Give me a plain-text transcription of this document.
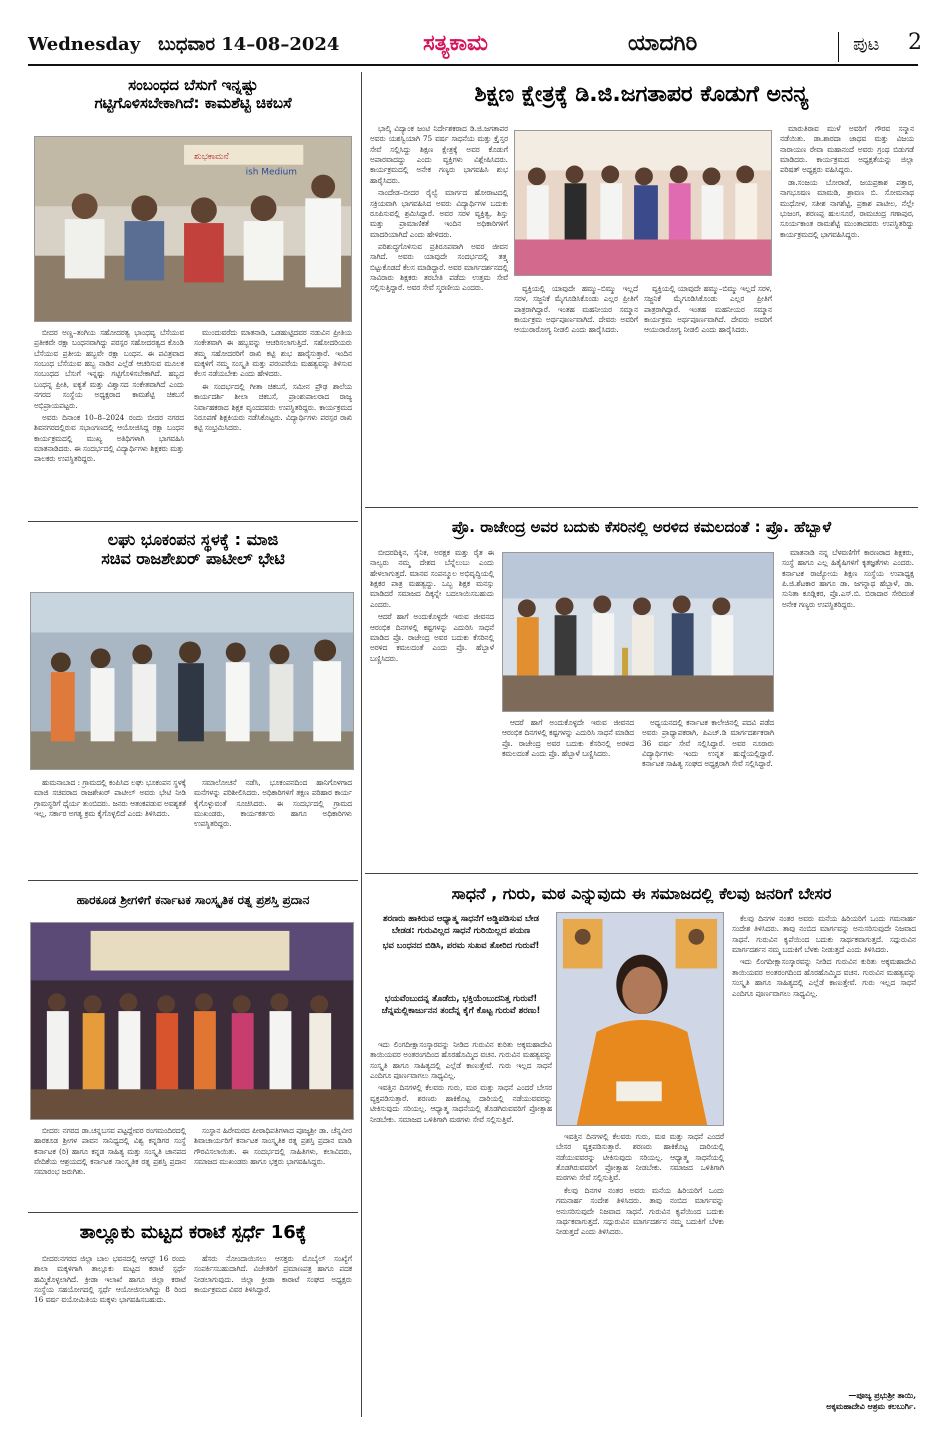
Wednesday ಬುಧವಾರ 14–08–2024	ಸತ್ಯಕಾಮ	ಯಾದಗಿರಿ	ಪುಟ 2
ಸಂಬಂಧದ ಬೆಸುಗೆ ಇನ್ನಷ್ಟು
ಗಟ್ಟಿಗೊಳಿಸಬೇಕಾಗಿದೆ: ಕಾಮಶೆಟ್ಟಿ ಚಿಕಬಸೆ
ಶುಭಕಾಮನೆ
ish Medium

ಬೀದರ ಅಣ್ಣ–ತಂಗಿಯ ಸಹೋದರತ್ವ ಭಾಂಧವ್ಯ ಬೆಸೆಯುವ ಪ್ರತೀಕವೇ ರಕ್ಷಾ ಬಂಧನವಾಗಿದ್ದು ಪರಸ್ಪರ ಸಹೋದರತ್ವದ ಕೊಂಡಿ ಬೆಸೆಯುವ ಪ್ರತೀಯ ಹಬ್ಬವೇ ರಕ್ಷಾ ಬಂಧನ. ಈ ಪವಿತ್ರವಾದ ಸಂಬಂಧ ಬೆಸೆಯುವ ಹಬ್ಬ ನಾಡಿನ ಎಲ್ಲೆಡೆ ಆಚರಿಸುವ ಮೂಲಕ ಸಂಬಂಧದ ಬೆಸುಗೆ ಇನ್ನಷ್ಟು ಗಟ್ಟಿಗೊಳಿಸಬೇಕಾಗಿದೆ. ಹಬ್ಬದ ಬಂಧನ್ನ ಪ್ರೀತಿ, ಐಕ್ಯತೆ ಮತ್ತು ವಿಶ್ವಾಸದ ಸಂಕೇತವಾಗಿದೆ ಎಂದು ನಗರದ ಸಂಸ್ಥೆಯ ಅಧ್ಯಕ್ಷರಾದ ಕಾಮಶೆಟ್ಟಿ ಚಿಕಬಸೆ ಅಭಿಪ್ರಾಯಪಟ್ಟರು.

ಅವರು ದಿನಾಂಕ 10–8–2024 ರಂದು ಬೀದರ ನಗರದ ಶಿವನಗರದಲ್ಲಿರುವ ಸಭಾಂಗಣದಲ್ಲಿ ಆಯೋಜಿಸಿದ್ದ ರಕ್ಷಾ ಬಂಧನ ಕಾರ್ಯಕ್ರಮದಲ್ಲಿ ಮುಖ್ಯ ಅತಿಥಿಗಳಾಗಿ ಭಾಗವಹಿಸಿ ಮಾತನಾಡಿದರು. ಈ ಸಂದರ್ಭದಲ್ಲಿ ವಿದ್ಯಾರ್ಥಿಗಳು ಶಿಕ್ಷಕರು ಮತ್ತು ಪಾಲಕರು ಉಪಸ್ಥಿತರಿದ್ದರು.

ಮುಂದುವರೆದು ಮಾತನಾಡಿ, ಒಡಹುಟ್ಟಿದವರ ನಡುವಿನ ಪ್ರೀತಿಯ ಸಂಕೇತವಾಗಿ ಈ ಹಬ್ಬವನ್ನು ಆಚರಿಸಲಾಗುತ್ತಿದೆ. ಸಹೋದರಿಯರು ತಮ್ಮ ಸಹೋದರರಿಗೆ ರಾಖಿ ಕಟ್ಟಿ ಶುಭ ಹಾರೈಸುತ್ತಾರೆ. ಇಂದಿನ ಮಕ್ಕಳಿಗೆ ನಮ್ಮ ಸಂಸ್ಕೃತಿ ಮತ್ತು ಪರಂಪರೆಯ ಮಹತ್ವವನ್ನು ತಿಳಿಸುವ ಕೆಲಸ ನಡೆಯಬೇಕು ಎಂದು ಹೇಳಿದರು.

ಈ ಸಂದರ್ಭದಲ್ಲಿ ಗೀತಾ ಚಿಕಬಸೆ, ಸಮೀನ ಪ್ರೌಢ ಶಾಲೆಯ ಕಾರ್ಯದರ್ಶಿ ಶೀಲಾ ಚಿಕಬಸೆ, ಪ್ರಾಂಶುಪಾಲರಾದ ರಾಜ್ಯ ನಿರ್ವಾಹಕರಾದ ಶಿಕ್ಷಕ ವೃಂದದವರು ಉಪಸ್ಥಿತರಿದ್ದರು. ಕಾರ್ಯಕ್ರಮದ ನಿರೂಪಣೆ ಶಿಕ್ಷಕಿಯರು ನಡೆಸಿಕೊಟ್ಟರು. ವಿದ್ಯಾರ್ಥಿಗಳು ಪರಸ್ಪರ ರಾಖಿ ಕಟ್ಟಿ ಸಂಭ್ರಮಿಸಿದರು.

ಶಿಕ್ಷಣ ಕ್ಷೇತ್ರಕ್ಕೆ ಡಿ.ಜಿ.ಜಗತಾಪರ ಕೊಡುಗೆ ಅನನ್ಯ

ಭಾಲ್ಕಿ ವಿದ್ಯಾಂಕ ಜಂಟಿ ನಿರ್ದೇಶಕರಾದ ಡಿ.ಜಿ.ಜಗತಾಪರ ಅವರು ಯಶಸ್ವಿಯಾಗಿ 75 ವರ್ಷ ಸಾಧನೆಯ ಮತ್ತು ಕ್ರೈಸ್ತರ ಸೇವೆ ಸಲ್ಲಿಸಿದ್ದು ಶಿಕ್ಷಣ ಕ್ಷೇತ್ರಕ್ಕೆ ಅವರ ಕೊಡುಗೆ ಅಪಾರವಾದದ್ದು ಎಂದು ವ್ಯಕ್ತಿಗಳು ವಿಶ್ಲೇಷಿಸಿದರು. ಕಾರ್ಯಕ್ರಮದಲ್ಲಿ ಅನೇಕ ಗಣ್ಯರು ಭಾಗವಹಿಸಿ ಶುಭ ಹಾರೈಸಿದರು.

ನಾಂದೇಡ–ಬೀದರ ರೈಲ್ವೆ ಮಾರ್ಗದ ಹೋರಾಟದಲ್ಲಿ ಸಕ್ರಿಯವಾಗಿ ಭಾಗವಹಿಸಿದ ಅವರು ವಿದ್ಯಾರ್ಥಿಗಳ ಬದುಕು ರೂಪಿಸುವಲ್ಲಿ ಶ್ರಮಿಸಿದ್ದಾರೆ. ಅವರ ಸರಳ ವ್ಯಕ್ತಿತ್ವ, ಶಿಸ್ತು ಮತ್ತು ಪ್ರಾಮಾಣಿಕತೆ ಇಂದಿನ ಅಧಿಕಾರಿಗಳಿಗೆ ಮಾದರಿಯಾಗಿದೆ ಎಂದು ಹೇಳಿದರು.

ಪರಿಶುದ್ಧಗೊಳಿಸುವ ಪ್ರತಿರೂಪವಾಗಿ ಅವರ ಜೀವನ ಸಾಗಿದೆ. ಅವರು ಯಾವುದೇ ಸಂದರ್ಭದಲ್ಲಿ ತತ್ತ್ವ ಬಿಟ್ಟುಕೊಡದೆ ಕೆಲಸ ಮಾಡಿದ್ದಾರೆ. ಅವರ ಮಾರ್ಗದರ್ಶನದಲ್ಲಿ ಸಾವಿರಾರು ಶಿಕ್ಷಕರು ತರಬೇತಿ ಪಡೆದು ಉತ್ತಮ ಸೇವೆ ಸಲ್ಲಿಸುತ್ತಿದ್ದಾರೆ. ಅವರ ಸೇವೆ ಸ್ಮರಣೀಯ ಎಂದರು.	ವ್ಯಕ್ತಿಯಲ್ಲಿ ಯಾವುದೇ ಹಮ್ಮು–ಬಿಮ್ಮು ಇಲ್ಲದೆ ಸರಳ, ಸಜ್ಜನಿಕೆ ಮೈಗೂಡಿಸಿಕೊಂಡು ಎಲ್ಲರ ಪ್ರೀತಿಗೆ ಪಾತ್ರರಾಗಿದ್ದಾರೆ. ಇಂತಹ ಮಹನೀಯರ ಸಮ್ಮಾನ ಕಾರ್ಯಕ್ರಮ ಅರ್ಥಪೂರ್ಣವಾಗಿದೆ. ದೇವರು ಅವರಿಗೆ ಆಯುರಾರೋಗ್ಯ ನೀಡಲಿ ಎಂದು ಹಾರೈಸಿದರು.

ವ್ಯಕ್ತಿಯಲ್ಲಿ ಯಾವುದೇ ಹಮ್ಮು–ಬಿಮ್ಮು ಇಲ್ಲದೆ ಸರಳ, ಸಜ್ಜನಿಕೆ ಮೈಗೂಡಿಸಿಕೊಂಡು ಎಲ್ಲರ ಪ್ರೀತಿಗೆ ಪಾತ್ರರಾಗಿದ್ದಾರೆ. ಇಂತಹ ಮಹನೀಯರ ಸಮ್ಮಾನ ಕಾರ್ಯಕ್ರಮ ಅರ್ಥಪೂರ್ಣವಾಗಿದೆ. ದೇವರು ಅವರಿಗೆ ಆಯುರಾರೋಗ್ಯ ನೀಡಲಿ ಎಂದು ಹಾರೈಸಿದರು.

ಮಾರುತಿರಾವ ಮುಳೆ ಅವರಿಗೆ ಗೌರವ ಸನ್ಮಾನ ನಡೆಯಿತು. ಡಾ.ಶಾರದಾ ಜಾಧವ ಮತ್ತು ವಿಜಯ ನಾರಾಯಣ ರೇವಾ ಮಹಾನಂದೆ ಅವರು ಗ್ರಂಥ ಬಿಡುಗಡೆ ಮಾಡಿದರು. ಕಾರ್ಯಕ್ರಮದ ಅಧ್ಯಕ್ಷತೆಯನ್ನು ಜಿಲ್ಲಾ ಪರಿಷತ್ ಅಧ್ಯಕ್ಷರು ವಹಿಸಿದ್ದರು.

ಡಾ.ಸಂಜಯ ಬೋರಾಡೆ, ಜಯಪ್ರಕಾಶ ಪತ್ತಾರ, ನಾಗಭೂಷಣ ಮಾಮಡಿ, ಶ್ರಾವಣ ಬಿ. ಸೋಮನಾಥ ಮುಧೋಳ, ಸತೀಶ ನಾಗಶೆಟ್ಟಿ, ಪ್ರಕಾಶ ಪಾಟೀಲ, ನೆಲ್ಲೇ ಭುಜಂಗ, ಶರಣಪ್ಪ ಹುಲಸೂರೆ, ರಾಮಚಂದ್ರ ಗಣಾಪುರ, ಸೂರ್ಯಕಾಂತ ರಾಮಶೆಟ್ಟಿ ಮುಂತಾದವರು ಉಪಸ್ಥಿತರಿದ್ದು ಕಾರ್ಯಕ್ರಮದಲ್ಲಿ ಭಾಗವಹಿಸಿದ್ದರು.

ಲಘು ಭೂಕಂಪನ ಸ್ಥಳಕ್ಕೆ : ಮಾಜಿ
ಸಚಿವ ರಾಜಶೇಖರ್ ಪಾಟೀಲ್ ಭೇಟಿ

ಹುಮನಾಬಾದ : ಗ್ರಾಮದಲ್ಲಿ ಕಂಪಿಸಿದ ಲಘು ಭೂಕಂಪನ ಸ್ಥಳಕ್ಕೆ ಮಾಜಿ ಸಚಿವರಾದ ರಾಜಶೇಖರ್ ಪಾಟೀಲ್ ಅವರು ಭೇಟಿ ನೀಡಿ ಗ್ರಾಮಸ್ಥರಿಗೆ ಧೈರ್ಯ ತುಂಬಿದರು. ಜನರು ಆತಂಕಪಡುವ ಅವಶ್ಯಕತೆ ಇಲ್ಲ, ಸರ್ಕಾರ ಅಗತ್ಯ ಕ್ರಮ ಕೈಗೊಳ್ಳಲಿದೆ ಎಂದು ತಿಳಿಸಿದರು.

ಸಮಾಲೋಚನೆ ನಡೆಸಿ, ಭೂಕಂಪನದಿಂದ ಹಾನಿಗೊಳಗಾದ ಮನೆಗಳನ್ನು ಪರಿಶೀಲಿಸಿದರು. ಅಧಿಕಾರಿಗಳಿಗೆ ತಕ್ಷಣ ಪರಿಹಾರ ಕಾರ್ಯ ಕೈಗೊಳ್ಳುವಂತೆ ಸೂಚಿಸಿದರು. ಈ ಸಂದರ್ಭದಲ್ಲಿ ಗ್ರಾಮದ ಮುಖಂಡರು, ಕಾರ್ಯಕರ್ತರು ಹಾಗೂ ಅಧಿಕಾರಿಗಳು ಉಪಸ್ಥಿತರಿದ್ದರು.

ಪ್ರೊ. ರಾಜೇಂದ್ರ ಅವರ ಬದುಕು ಕೆಸರಿನಲ್ಲಿ ಅರಳಿದ ಕಮಲದಂತೆ : ಪ್ರೊ. ಹೆಬ್ಬಾಳೆ

ಬೀದರದಿಕ್ಕಿನ, ಸೈನಿಕ, ಅರಕ್ಷಕ ಮತ್ತು ರೈತ ಈ ನಾಲ್ವರು ನಮ್ಮ ದೇಶದ ಬೆನ್ನೆಲುಬು ಎಂದು ಹೇಳಲಾಗುತ್ತದೆ. ಮಾನವ ಸಂಪನ್ಮೂಲ ಅಭಿವೃದ್ಧಿಯಲ್ಲಿ ಶಿಕ್ಷಕರ ಪಾತ್ರ ಮಹತ್ವದ್ದು. ಒಬ್ಬ ಶಿಕ್ಷಕ ಮನಸ್ಸು ಮಾಡಿದರೆ ಸಮಾಜದ ದಿಕ್ಕನ್ನೇ ಬದಲಾಯಿಸಬಹುದು ಎಂದರು.

ಆದರೆ ಹಾಗೆ ಅಂದುಕೊಳ್ಳದೇ ಇರುವ ಜೀವನದ ಆರಂಭಿಕ ದಿನಗಳಲ್ಲಿ ಕಷ್ಟಗಳನ್ನು ಎದುರಿಸಿ ಸಾಧನೆ ಮಾಡಿದ ಪ್ರೊ. ರಾಜೇಂದ್ರ ಅವರ ಬದುಕು ಕೆಸರಿನಲ್ಲಿ ಅರಳಿದ ಕಮಲದಂತೆ ಎಂದು ಪ್ರೊ. ಹೆಬ್ಬಾಳೆ ಬಣ್ಣಿಸಿದರು.

ಆದರೆ ಹಾಗೆ ಅಂದುಕೊಳ್ಳದೇ ಇರುವ ಜೀವನದ ಆರಂಭಿಕ ದಿನಗಳಲ್ಲಿ ಕಷ್ಟಗಳನ್ನು ಎದುರಿಸಿ ಸಾಧನೆ ಮಾಡಿದ ಪ್ರೊ. ರಾಜೇಂದ್ರ ಅವರ ಬದುಕು ಕೆಸರಿನಲ್ಲಿ ಅರಳಿದ ಕಮಲದಂತೆ ಎಂದು ಪ್ರೊ. ಹೆಬ್ಬಾಳೆ ಬಣ್ಣಿಸಿದರು.

ಅಧ್ಯಯನದಲ್ಲಿ ಕರ್ನಾಟಕ ಕಾಲೇಜಿನಲ್ಲಿ ಪದವಿ ಪಡೆದ ಅವರು ಪ್ರಾಧ್ಯಾಪಕರಾಗಿ, ಪಿಎಚ್.ಡಿ ಮಾರ್ಗದರ್ಶಕರಾಗಿ 36 ವರ್ಷ ಸೇವೆ ಸಲ್ಲಿಸಿದ್ದಾರೆ. ಅವರ ನೂರಾರು ವಿದ್ಯಾರ್ಥಿಗಳು ಇಂದು ಉನ್ನತ ಹುದ್ದೆಯಲ್ಲಿದ್ದಾರೆ. ಕರ್ನಾಟಕ ಸಾಹಿತ್ಯ ಸಂಘದ ಅಧ್ಯಕ್ಷರಾಗಿ ಸೇವೆ ಸಲ್ಲಿಸಿದ್ದಾರೆ.

ಮಾತನಾಡಿ ನನ್ನ ಬೆಳವಣಿಗೆಗೆ ಕಾರಣರಾದ ಶಿಕ್ಷಕರು, ಸಂಸ್ಥೆ ಹಾಗೂ ಎಲ್ಲ ಹಿತೈಷಿಗಳಿಗೆ ಕೃತಜ್ಞತೆಗಳು ಎಂದರು. ಕರ್ನಾಟಕ ರಾಜ್ಯೋಯ ಶಿಕ್ಷಣ ಸಂಸ್ಥೆಯ ಉಪಾಧ್ಯಕ್ಷ ಪಿ.ಜಿ.ಶೆಟಕಾರ ಹಾಗೂ ಡಾ. ಜಗನ್ನಾಥ ಹೆಬ್ಬಾಳೆ, ಡಾ. ಸುನಿತಾ ಕೂಡ್ಲಿಕರ, ಪ್ರೊ.ಎಸ್.ಬಿ. ಬಿರಾದಾರ ಸೇರಿದಂತೆ ಅನೇಕ ಗಣ್ಯರು ಉಪಸ್ಥಿತರಿದ್ದರು.

ಹಾರಕೂಡ ಶ್ರೀಗಳಿಗೆ ಕರ್ನಾಟಕ ಸಾಂಸ್ಕೃತಿಕ ರತ್ನ ಪ್ರಶಸ್ತಿ ಪ್ರದಾನ

ಬೀದರ: ನಗರದ ಡಾ.ಚನ್ನಬಸವ ಪಟ್ಟದ್ದೇವರ ರಂಗಮಂದಿರದಲ್ಲಿ ಹಾರಕೂಡ ಶ್ರೀಗಳ ಪಾವನ ಸಾನಿಧ್ಯದಲ್ಲಿ ವಿಶ್ವ ಕನ್ನಡಿಗರ ಸಂಸ್ಥೆ ಕರ್ನಾಟಕ (ರಿ) ಹಾಗೂ ಕನ್ನಡ ಸಾಹಿತ್ಯ ಮತ್ತು ಸಂಸ್ಕೃತಿ ಜಾನಪದ ವೇದಿಕೆಯ ಆಶ್ರಯದಲ್ಲಿ ಕರ್ನಾಟಕ ಸಾಂಸ್ಕೃತಿಕ ರತ್ನ ಪ್ರಶಸ್ತಿ ಪ್ರದಾನ ಸಮಾರಂಭ ಜರುಗಿತು.

ಸಂಸ್ಥಾನ ಹಿರೇಮಠದ ಪೀಠಾಧಿಪತಿಗಳಾದ ಪೂಜ್ಯಶ್ರೀ ಡಾ. ಚೆನ್ನವೀರ ಶಿವಾಚಾರ್ಯರಿಗೆ ಕರ್ನಾಟಕ ಸಾಂಸ್ಕೃತಿಕ ರತ್ನ ಪ್ರಶಸ್ತಿ ಪ್ರದಾನ ಮಾಡಿ ಗೌರವಿಸಲಾಯಿತು. ಈ ಸಂದರ್ಭದಲ್ಲಿ ಸಾಹಿತಿಗಳು, ಕಲಾವಿದರು, ಸಮಾಜದ ಮುಖಂಡರು ಹಾಗೂ ಭಕ್ತರು ಭಾಗವಹಿಸಿದ್ದರು.

ತಾಲ್ಲೂಕು ಮಟ್ಟದ ಕರಾಟೆ ಸ್ಪರ್ಧೆ 16ಕ್ಕೆ

ಬೀದರ:ನಗರದ ಜಿಲ್ಲಾ ಬಾಲ ಭವನದಲ್ಲಿ ಆಗಸ್ಟ್ 16 ರಂದು ಶಾಲಾ ಮಕ್ಕಳಿಗಾಗಿ ತಾಲ್ಲೂಕು ಮಟ್ಟದ ಕರಾಟೆ ಸ್ಪರ್ಧೆ ಹಮ್ಮಿಕೊಳ್ಳಲಾಗಿದೆ. ಕ್ರೀಡಾ ಇಲಾಖೆ ಹಾಗೂ ಜಿಲ್ಲಾ ಕರಾಟೆ ಸಂಸ್ಥೆಯ ಸಹಯೋಗದಲ್ಲಿ ಸ್ಪರ್ಧೆ ಆಯೋಜಿಸಲಾಗಿದ್ದು 8 ರಿಂದ 16 ವರ್ಷ ವಯೋಮಿತಿಯ ಮಕ್ಕಳು ಭಾಗವಹಿಸಬಹುದು.

ಹೆಸರು ನೋಂದಾಯಿಸಲು ಆಸಕ್ತರು ಮೊಬೈಲ್ ಸಂಖ್ಯೆಗೆ ಸಂಪರ್ಕಿಸಬಹುದಾಗಿದೆ. ವಿಜೇತರಿಗೆ ಪ್ರಮಾಣಪತ್ರ ಹಾಗೂ ಪದಕ ನೀಡಲಾಗುವುದು. ಜಿಲ್ಲಾ ಕ್ರೀಡಾ ಕಾರಾಟೆ ಸಂಘದ ಅಧ್ಯಕ್ಷರು ಕಾರ್ಯಕ್ರಮದ ವಿವರ ತಿಳಿಸಿದ್ದಾರೆ.

ಸಾಧನೆ , ಗುರು, ಮಠ ಎನ್ನುವುದು ಈ ಸಮಾಜದಲ್ಲಿ ಕೆಲವು ಜನರಿಗೆ ಬೇಸರ
ಶರಣರು ಹಾಕಿರುವ ಆಧ್ಯಾತ್ಮ ಸಾಧನೆಗೆ ಅಡ್ಡಿಪಡಿಸುವ ಬೇಡ
ಬೇಡಡ: ಗುರುವಿಲ್ಲದ ಸಾಧನೆ ಗುರಿಯಿಲ್ಲದ ಪಯಣ
ಭವ ಬಂಧನದ ಬಿಡಿಸಿ, ಪರಮ ಸುಖವ ತೋರಿದ ಗುರುವೆ!
ಭಯವೆಂಬುದನ್ನ ತೊಡೆದು, ಭಕ್ತಿಯೆಂಬುದನಿತ್ತ ಗುರುವೆ! ಚೆನ್ನಮಲ್ಲಿಕಾರ್ಜುನನ ತಂದೆನ್ನ ಕೈಗೆ ಕೊಟ್ಟ ಗುರುವೆ ಶರಣು!

ಇದು ಲಿಂಗದೀಕ್ಷಾಸಂಸ್ಕಾರವನ್ನು ನೀಡಿದ ಗುರುವಿನ ಕುರಿತು ಅಕ್ಕಮಹಾದೇವಿ ತಾಯಿಯವರ ಅಂತರಂಗದಿಂದ ಹೊರಹೊಮ್ಮಿದ ವಚನ. ಗುರುವಿನ ಮಹತ್ವವನ್ನು ಸಂಸ್ಕೃತಿ ಹಾಗೂ ಸಾಹಿತ್ಯದಲ್ಲಿ ಎಲ್ಲೆಡೆ ಕಾಣುತ್ತೇವೆ. ಗುರು ಇಲ್ಲದ ಸಾಧನೆ ಎಂದಿಗೂ ಪೂರ್ಣವಾಗಲು ಸಾಧ್ಯವಿಲ್ಲ.

ಇವತ್ತಿನ ದಿನಗಳಲ್ಲಿ ಕೆಲವರು ಗುರು, ಮಠ ಮತ್ತು ಸಾಧನೆ ಎಂದರೆ ಬೇಸರ ವ್ಯಕ್ತಪಡಿಸುತ್ತಾರೆ. ಶರಣರು ಹಾಕಿಕೊಟ್ಟ ದಾರಿಯಲ್ಲಿ ನಡೆಯುವವರನ್ನು ಟೀಕಿಸುವುದು ಸರಿಯಲ್ಲ. ಆಧ್ಯಾತ್ಮ ಸಾಧನೆಯಲ್ಲಿ ತೊಡಗಿರುವವರಿಗೆ ಪ್ರೋತ್ಸಾಹ ನೀಡಬೇಕು. ಸಮಾಜದ ಒಳಿತಿಗಾಗಿ ಮಠಗಳು ಸೇವೆ ಸಲ್ಲಿಸುತ್ತಿವೆ.

ಇವತ್ತಿನ ದಿನಗಳಲ್ಲಿ ಕೆಲವರು ಗುರು, ಮಠ ಮತ್ತು ಸಾಧನೆ ಎಂದರೆ ಬೇಸರ ವ್ಯಕ್ತಪಡಿಸುತ್ತಾರೆ. ಶರಣರು ಹಾಕಿಕೊಟ್ಟ ದಾರಿಯಲ್ಲಿ ನಡೆಯುವವರನ್ನು ಟೀಕಿಸುವುದು ಸರಿಯಲ್ಲ. ಆಧ್ಯಾತ್ಮ ಸಾಧನೆಯಲ್ಲಿ ತೊಡಗಿರುವವರಿಗೆ ಪ್ರೋತ್ಸಾಹ ನೀಡಬೇಕು. ಸಮಾಜದ ಒಳಿತಿಗಾಗಿ ಮಠಗಳು ಸೇವೆ ಸಲ್ಲಿಸುತ್ತಿವೆ.

ಕೆಲವು ದಿನಗಳ ನಂತರ ಅವರು ಮನೆಯ ಹಿರಿಯರಿಗೆ ಒಂದು ಗಮನಾರ್ಹ ಸಂದೇಶ ತಿಳಿಸಿದರು. ತಾವು ನಂಬಿದ ಮಾರ್ಗವನ್ನು ಅನುಸರಿಸುವುದೇ ನಿಜವಾದ ಸಾಧನೆ. ಗುರುವಿನ ಕೃಪೆಯಿಂದ ಬದುಕು ಸಾರ್ಥಕವಾಗುತ್ತದೆ. ಸದ್ಗುರುವಿನ ಮಾರ್ಗದರ್ಶನ ನಮ್ಮ ಬದುಕಿಗೆ ಬೆಳಕು ನೀಡುತ್ತದೆ ಎಂದು ತಿಳಿಸಿದರು.

ಕೆಲವು ದಿನಗಳ ನಂತರ ಅವರು ಮನೆಯ ಹಿರಿಯರಿಗೆ ಒಂದು ಗಮನಾರ್ಹ ಸಂದೇಶ ತಿಳಿಸಿದರು. ತಾವು ನಂಬಿದ ಮಾರ್ಗವನ್ನು ಅನುಸರಿಸುವುದೇ ನಿಜವಾದ ಸಾಧನೆ. ಗುರುವಿನ ಕೃಪೆಯಿಂದ ಬದುಕು ಸಾರ್ಥಕವಾಗುತ್ತದೆ. ಸದ್ಗುರುವಿನ ಮಾರ್ಗದರ್ಶನ ನಮ್ಮ ಬದುಕಿಗೆ ಬೆಳಕು ನೀಡುತ್ತದೆ ಎಂದು ತಿಳಿಸಿದರು.

ಇದು ಲಿಂಗದೀಕ್ಷಾಸಂಸ್ಕಾರವನ್ನು ನೀಡಿದ ಗುರುವಿನ ಕುರಿತು ಅಕ್ಕಮಹಾದೇವಿ ತಾಯಿಯವರ ಅಂತರಂಗದಿಂದ ಹೊರಹೊಮ್ಮಿದ ವಚನ. ಗುರುವಿನ ಮಹತ್ವವನ್ನು ಸಂಸ್ಕೃತಿ ಹಾಗೂ ಸಾಹಿತ್ಯದಲ್ಲಿ ಎಲ್ಲೆಡೆ ಕಾಣುತ್ತೇವೆ. ಗುರು ಇಲ್ಲದ ಸಾಧನೆ ಎಂದಿಗೂ ಪೂರ್ಣವಾಗಲು ಸಾಧ್ಯವಿಲ್ಲ.

—ಪೂಜ್ಯ ಪ್ರಭುಶ್ರೀ ತಾಯಿ,
ಅಕ್ಕಮಹಾದೇವಿ ಆಶ್ರಮ ಕಲಬುರ್ಗಿ.
